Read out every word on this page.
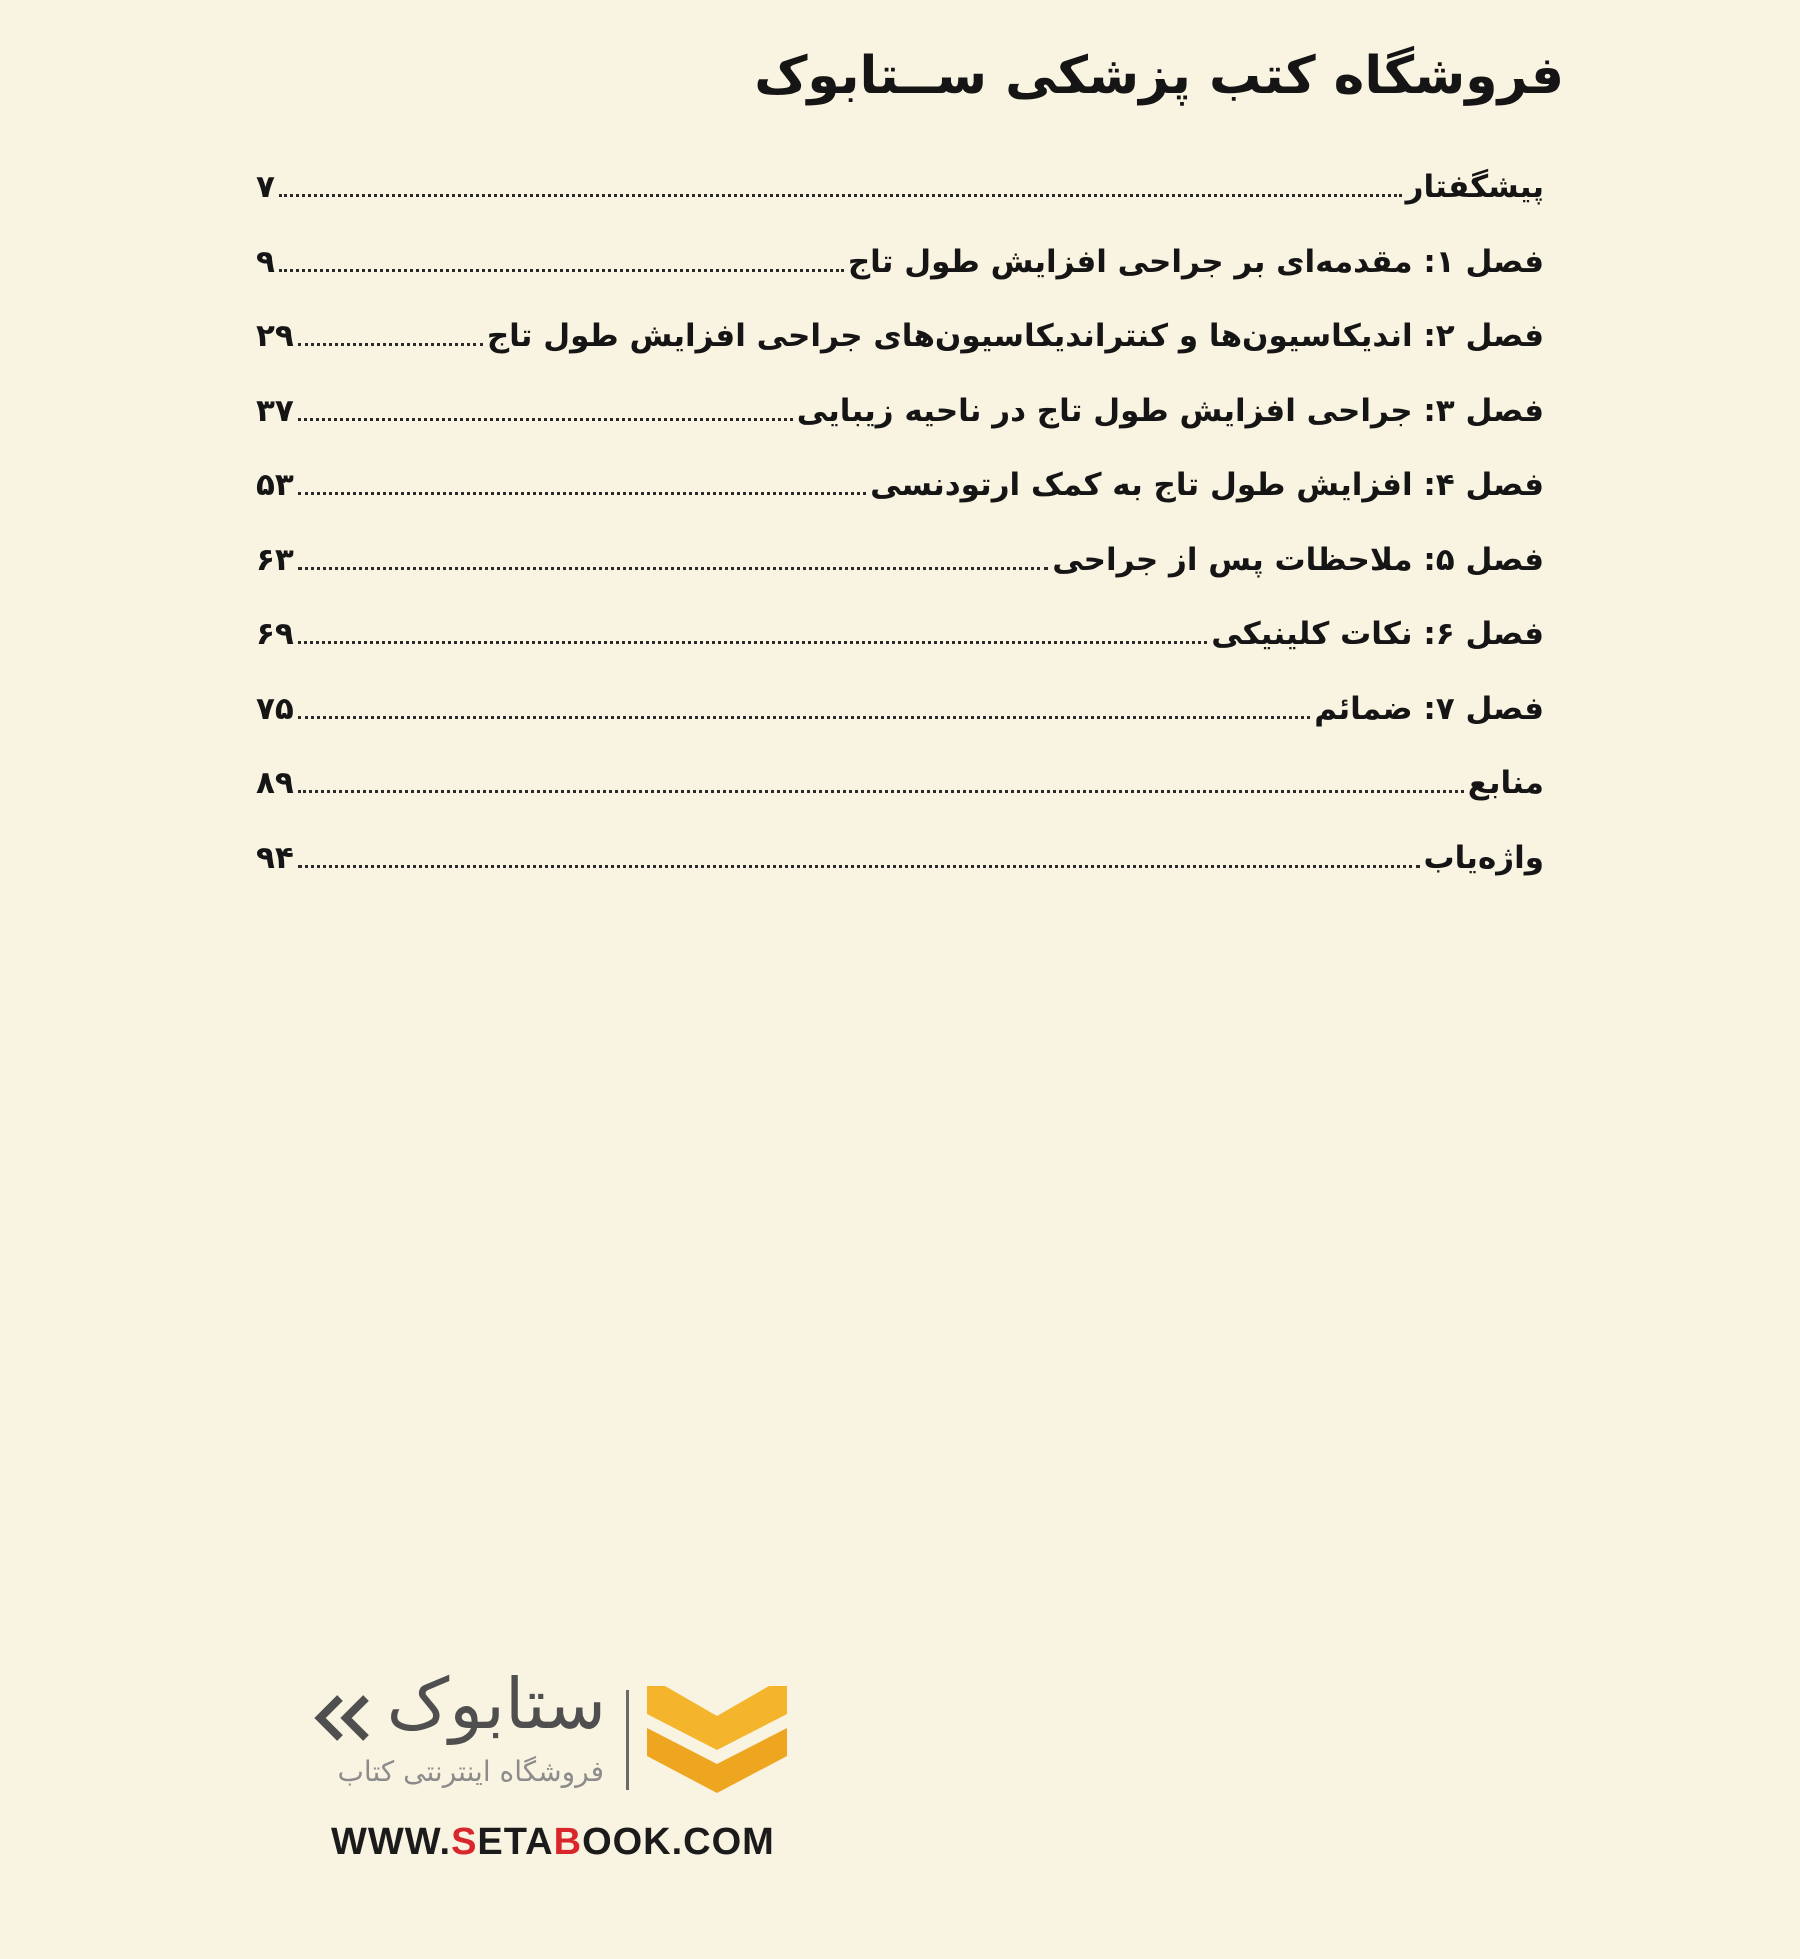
فروشگاه کتب پزشکی ســتابوک
پیشگفتار
۷
فصل ۱: مقدمه‌ای بر جراحی افزایش طول تاج
۹
فصل ۲: اندیکاسیون‌ها و کنتراندیکاسیون‌های جراحی افزایش طول تاج
۲۹
فصل ۳: جراحی افزایش طول تاج در ناحیه زیبایی
۳۷
فصل ۴: افزایش طول تاج به کمک ارتودنسی
۵۳
فصل ۵: ملاحظات پس از جراحی
۶۳
فصل ۶: نکات کلینیکی
۶۹
فصل ۷: ضمائم
۷۵
منابع
۸۹
واژه‌یاب
۹۴
ستابوک
فروشگاه اینترنتی کتاب
WWW.SETABOOK.COM
